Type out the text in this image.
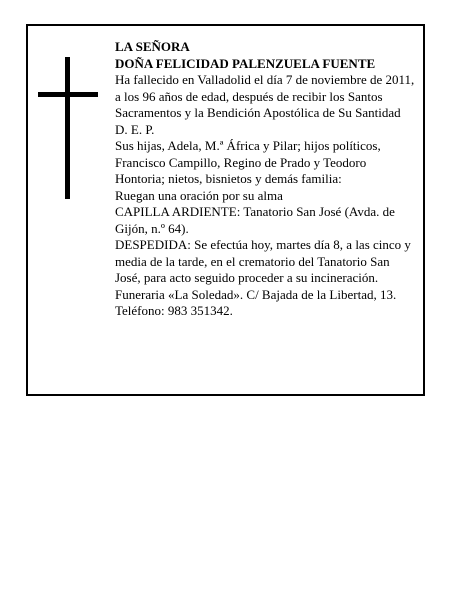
LA SEÑORA

DOÑA FELICIDAD PALENZUELA FUENTE

Ha fallecido en Valladolid el día 7 de noviembre de 2011, a los 96 años de edad, después de recibir los Santos Sacramentos y la Bendición Apostólica de Su Santidad

D. E. P.

Sus hijas, Adela, M.ª África y Pilar; hijos políticos, Francisco Campillo, Regino de Prado y Teodoro Hontoria; nietos, bisnietos y demás familia:

Ruegan una oración por su alma

CAPILLA ARDIENTE: Tanatorio San José (Avda. de Gijón, n.º 64).

DESPEDIDA: Se efectúa hoy, martes día 8, a las cinco y media de la tarde, en el crematorio del Tanatorio San José, para acto seguido proceder a su incineración.

Funeraria «La Soledad». C/ Bajada de la Libertad, 13. Teléfono: 983 351342.
